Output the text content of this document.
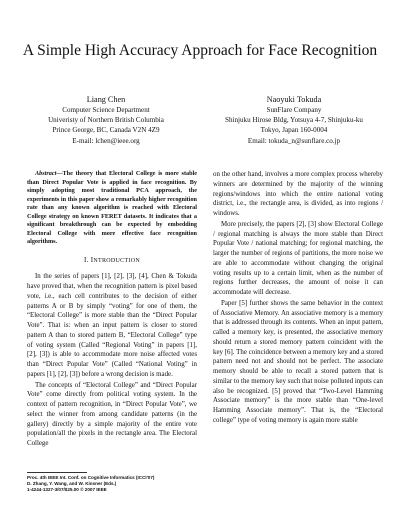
A Simple High Accuracy Approach for Face Recognition
Liang Chen
Computer Science Department
Univeristy of Northern British Columbia
Prince George, BC, Canada V2N 4Z9
E-mail: lchen@ieee.org
Naoyuki Tokuda
SunFlare Company
Shinjuku Hirose Bldg, Yotsuya 4-7, Shinjuku-ku
Tokyo, Japan 160-0004
Email: tokuda_n@sunflare.co.jp

Abstract—The theory that Electoral College is more stable than Direct Popular Vote is applied in face recognition. By simply adopting most traditional PCA approach, the experiments in this paper show a remarkably higher recognition rate than any known algorithm is reached with Electoral College strategy on known FERET datasets. It indicates that a significant breakthrough can be expected by embedding Electoral College with more effective face recognition algorithms.

I. INTRODUCTION

In the series of papers [1], [2], [3], [4], Chen & Tokuda have proved that, when the recognition pattern is pixel based vote, i.e., each cell contributes to the decision of either patterns A or B by simply “voting” for one of them, the “Electoral College” is more stable than the “Direct Popular Vote”. That is: when an input pattern is closer to stored pattern A than to stored pattern B, “Electoral College” type of voting system (Called “Regional Voting” in papers [1], [2], [3]) is able to accommodate more noise affected votes than “Direct Popular Vote” (Called “National Voting” in papers [1], [2], [3]) before a wrong decision is made.

The concepts of “Electoral College” and “Direct Popular Vote” come directly from political voting system. In the context of pattern recognition, in “Direct Popular Vote”, we select the winner from among candidate patterns (in the gallery) directly by a simple majority of the entire vote population/all the pixels in the rectangle area. The Electoral College

on the other hand, involves a more complex process whereby winners are determined by the majority of the winning regions/windows into which the entire national voting district, i.e., the rectangle area, is divided, as into regions / windows.

More precisely, the papers [2], [3] show Electoral College / regional matching is always the more stable than Direct Popular Vote / national matching; for regional matching, the larger the number of regions of partitions, the more noise we are able to accommodate without changing the original voting results up to a certain limit, when as the number of regions further decreases, the amount of noise it can accommodate will decrease.

Paper [5] further shows the same behavior in the context of Associative Memory. An associative memory is a memory that is addressed through its contents. When an input pattern, called a memory key, is presented, the associative memory should return a stored memory pattern coincident with the key [6]. The coincidence between a memory key and a stored pattern need not and should not be perfect. The associate memory should be able to recall a stored pattern that is similar to the memory key such that noise polluted inputs can also be recognized. [5] proved that “Two-Level Hamming Associate memory” is the more stable than “One-level Hamming Associate memory”. That is, the “Electoral college” type of voting memory is again more stable

Proc. 4th IEEE Int. Conf. on Cognitive Informatics (ICCI'07)
D. Zhang, Y. Wang, and W. Kinsner (Eds.)
1-4244-1327-3/07/$25.00 © 2007 IEEE
